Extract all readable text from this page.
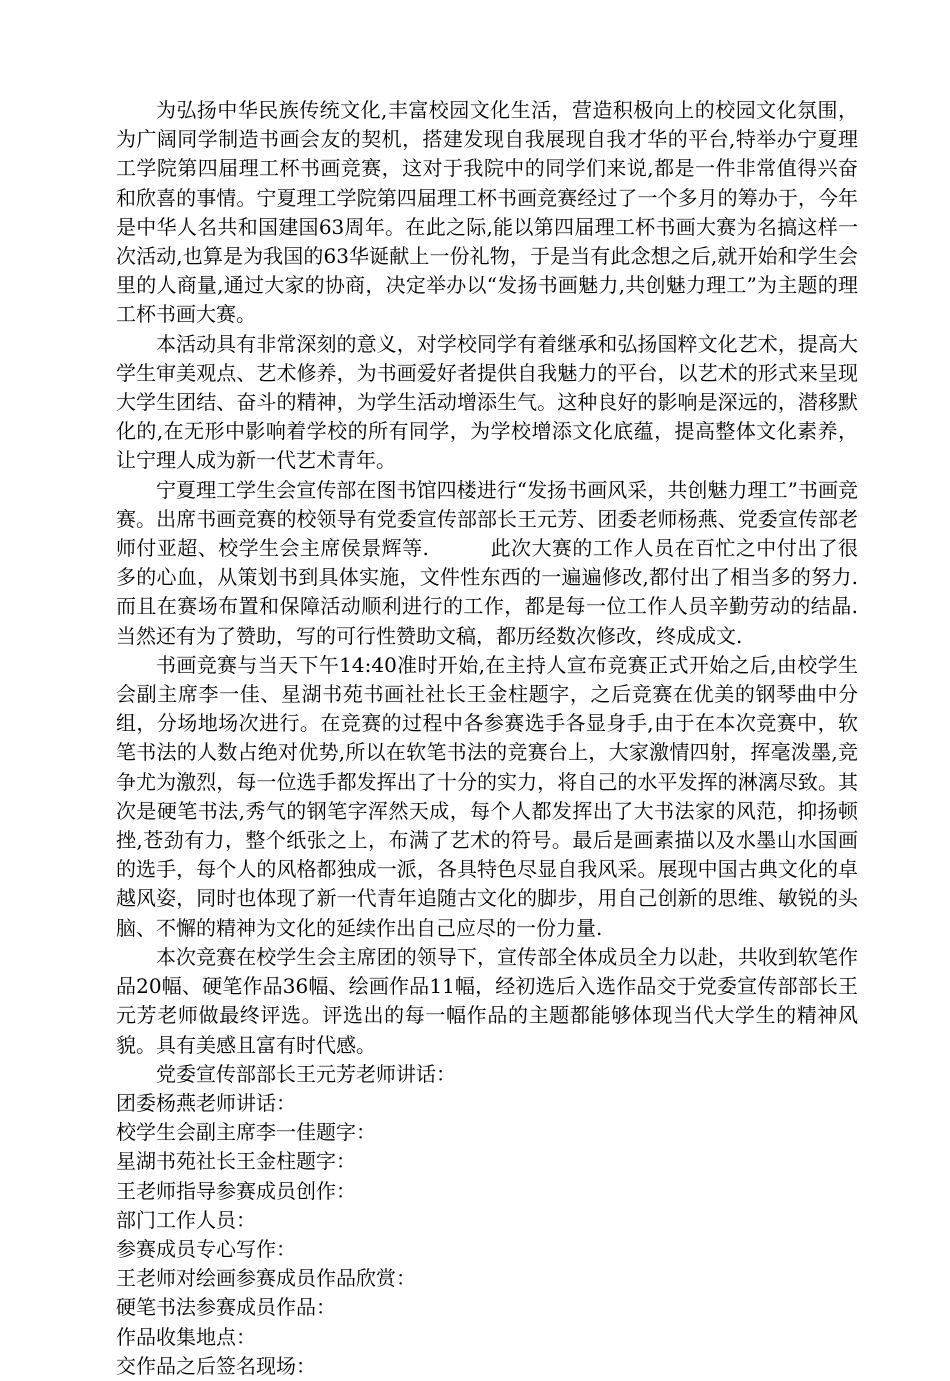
为弘扬中华民族传统文化,丰富校园文化生活，营造积极向上的校园文化氛围，为广阔同学制造书画会友的契机，搭建发现自我展现自我才华的平台,特举办宁夏理工学院第四届理工杯书画竞赛，这对于我院中的同学们来说,都是一件非常值得兴奋和欣喜的事情。宁夏理工学院第四届理工杯书画竞赛经过了一个多月的筹办于，今年是中华人名共和国建国63周年。在此之际,能以第四届理工杯书画大赛为名搞这样一次活动,也算是为我国的63华诞献上一份礼物，于是当有此念想之后,就开始和学生会里的人商量,通过大家的协商，决定举办以“发扬书画魅力,共创魅力理工”为主题的理工杯书画大赛。

本活动具有非常深刻的意义，对学校同学有着继承和弘扬国粹文化艺术，提高大学生审美观点、艺术修养，为书画爱好者提供自我魅力的平台，以艺术的形式来呈现大学生团结、奋斗的精神，为学生活动增添生气。这种良好的影响是深远的，潜移默化的,在无形中影响着学校的所有同学，为学校增添文化底蕴，提高整体文化素养，让宁理人成为新一代艺术青年。

宁夏理工学生会宣传部在图书馆四楼进行“发扬书画风采，共创魅力理工”书画竞赛。出席书画竞赛的校领导有党委宣传部部长王元芳、团委老师杨燕、党委宣传部老师付亚超、校学生会主席侯景辉等.　　　此次大赛的工作人员在百忙之中付出了很多的心血，从策划书到具体实施，文件性东西的一遍遍修改,都付出了相当多的努力.而且在赛场布置和保障活动顺利进行的工作，都是每一位工作人员辛勤劳动的结晶.当然还有为了赞助，写的可行性赞助文稿，都历经数次修改，终成成文.

书画竞赛与当天下午14:40准时开始,在主持人宣布竞赛正式开始之后,由校学生会副主席李一佳、星湖书苑书画社社长王金柱题字，之后竞赛在优美的钢琴曲中分组，分场地场次进行。在竞赛的过程中各参赛选手各显身手,由于在本次竞赛中，软笔书法的人数占绝对优势,所以在软笔书法的竞赛台上，大家激情四射，挥毫泼墨,竞争尤为激烈，每一位选手都发挥出了十分的实力，将自己的水平发挥的淋漓尽致。其次是硬笔书法,秀气的钢笔字浑然天成，每个人都发挥出了大书法家的风范，抑扬顿挫,苍劲有力，整个纸张之上，布满了艺术的符号。最后是画素描以及水墨山水国画的选手，每个人的风格都独成一派，各具特色尽显自我风采。展现中国古典文化的卓越风姿，同时也体现了新一代青年追随古文化的脚步，用自己创新的思维、敏锐的头脑、不懈的精神为文化的延续作出自己应尽的一份力量.

本次竞赛在校学生会主席团的领导下，宣传部全体成员全力以赴，共收到软笔作品20幅、硬笔作品36幅、绘画作品11幅，经初选后入选作品交于党委宣传部部长王元芳老师做最终评选。评选出的每一幅作品的主题都能够体现当代大学生的精神风貌。具有美感且富有时代感。

党委宣传部部长王元芳老师讲话：

团委杨燕老师讲话：

校学生会副主席李一佳题字：

星湖书苑社长王金柱题字：

王老师指导参赛成员创作：

部门工作人员：

参赛成员专心写作：

王老师对绘画参赛成员作品欣赏：

硬笔书法参赛成员作品：

作品收集地点：

交作品之后签名现场：
